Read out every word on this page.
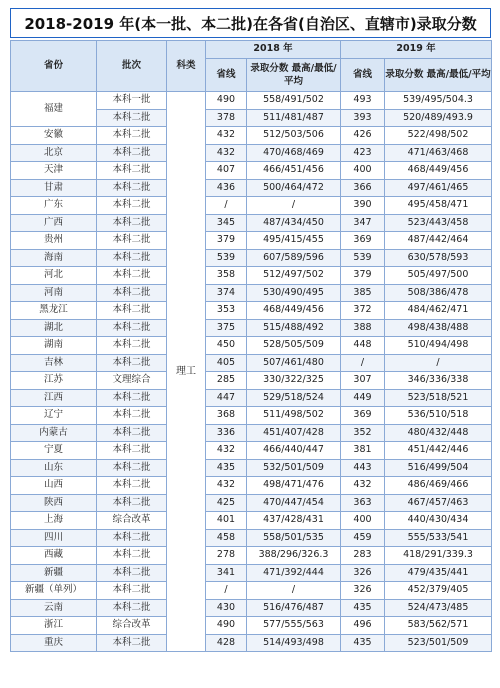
2018-2019 年(本一批、本二批)在各省(自治区、直辖市)录取分数
省份	批次	科类	2018 年		2019 年	
			省线	录取分数 最高/最低/平均	省线	录取分数 最高/最低/平均
福建	本科一批	理工	490	558/491/502	493	539/495/504.3
	本科二批		378	511/481/487	393	520/489/493.9
安徽	本科二批		432	512/503/506	426	522/498/502
北京	本科二批		432	470/468/469	423	471/463/468
天津	本科二批		407	466/451/456	400	468/449/456
甘肃	本科二批		436	500/464/472	366	497/461/465
广东	本科二批		/	/	390	495/458/471
广西	本科二批		345	487/434/450	347	523/443/458
贵州	本科二批		379	495/415/455	369	487/442/464
海南	本科二批		539	607/589/596	539	630/578/593
河北	本科二批		358	512/497/502	379	505/497/500
河南	本科二批		374	530/490/495	385	508/386/478
黑龙江	本科二批		353	468/449/456	372	484/462/471
湖北	本科二批		375	515/488/492	388	498/438/488
湖南	本科二批		450	528/505/509	448	510/494/498
吉林	本科二批		405	507/461/480	/	/
江苏	文理综合		285	330/322/325	307	346/336/338
江西	本科二批		447	529/518/524	449	523/518/521
辽宁	本科二批		368	511/498/502	369	536/510/518
内蒙古	本科二批		336	451/407/428	352	480/432/448
宁夏	本科二批		432	466/440/447	381	451/442/446
山东	本科二批		435	532/501/509	443	516/499/504
山西	本科二批		432	498/471/476	432	486/469/466
陕西	本科二批		425	470/447/454	363	467/457/463
上海	综合改革		401	437/428/431	400	440/430/434
四川	本科二批		458	558/501/535	459	555/533/541
西藏	本科二批		278	388/296/326.3	283	418/291/339.3
新疆	本科二批		341	471/392/444	326	479/435/441
新疆（单列）	本科二批		/	/	326	452/379/405
云南	本科二批		430	516/476/487	435	524/473/485
浙江	综合改革		490	577/555/563	496	583/562/571
重庆	本科二批		428	514/493/498	435	523/501/509
